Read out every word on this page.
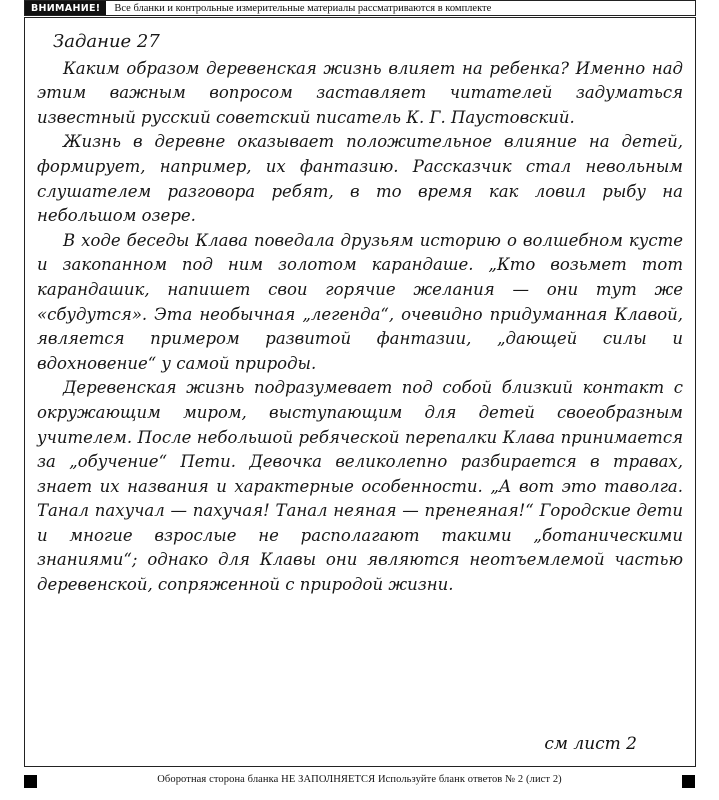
ВНИМАНИЕ!	Все бланки и контрольные измерительные материалы рассматриваются в комплекте
Задание 27

Каким образом деревенская жизнь влияет на ребенка? Именно над этим важным вопросом заставляет читателей задуматься известный русский советский писатель К. Г. Паустовский.

Жизнь в деревне оказывает положительное влияние на детей, формирует, например, их фантазию. Рассказчик стал невольным слушателем разговора ребят, в то время как ловил рыбу на небольшом озере.

В ходе беседы Клава поведала друзьям историю о волшебном кусте и закопанном под ним золотом карандаше. „Кто возьмет тот карандашик, напишет свои горячие желания — они тут же «сбудутся». Эта необычная „легенда“, очевидно придуманная Клавой, является примером развитой фантазии, „дающей силы и вдохновение“ у самой природы.

Деревенская жизнь подразумевает под собой близкий контакт с окружающим миром, выступающим для детей своеобразным учителем. После небольшой ребяческой перепалки Клава принимается за „обучение“ Пети. Девочка великолепно разбирается в травах, знает их названия и характерные особенности. „А вот это таволга. Танал пахучал — пахучая! Танал неяная — пренеяная!“ Городские дети и многие взрослые не располагают такими „ботаническими знаниями“; однако для Клавы они являются неотъемлемой частью деревенской, сопряженной с природой жизни.

см лист 2
Оборотная сторона бланка НЕ ЗАПОЛНЯЕТСЯ Используйте бланк ответов № 2 (лист 2)
